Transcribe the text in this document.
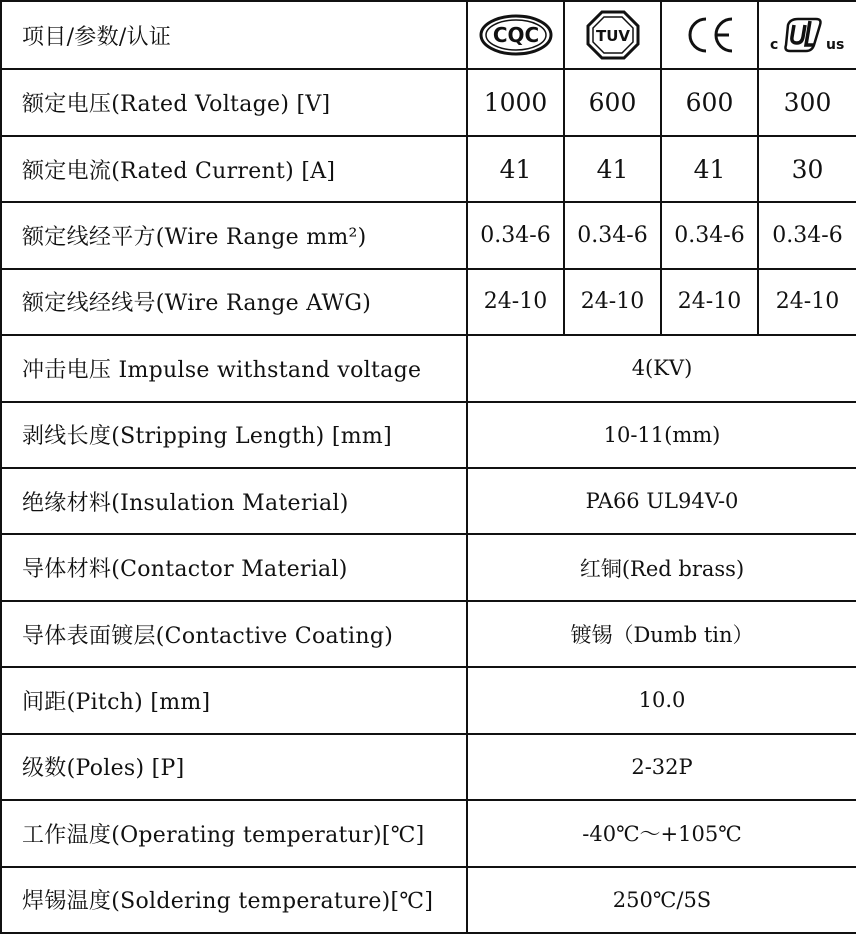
项目/参数/认证	CQC	TUV		c us

额定电压(Rated Voltage) [V]	1000	600	600	300
额定电流(Rated Current) [A]	41	41	41	30
额定线经平方(Wire Range mm²)	0.34-6	0.34-6	0.34-6	0.34-6
额定线经线号(Wire Range AWG)	24-10	24-10	24-10	24-10
冲击电压 Impulse withstand voltage	4(KV)			
剥线长度(Stripping Length) [mm]	10-11(mm)			
绝缘材料(Insulation Material)	PA66 UL94V-0			
导体材料(Contactor Material)	红铜(Red brass)			
导体表面镀层(Contactive Coating)	镀锡（Dumb tin）			
间距(Pitch) [mm]	10.0			
级数(Poles) [P]	2-32P			
工作温度(Operating temperatur)[℃]	-40℃～+105℃			
焊锡温度(Soldering temperature)[℃]	250℃/5S			
